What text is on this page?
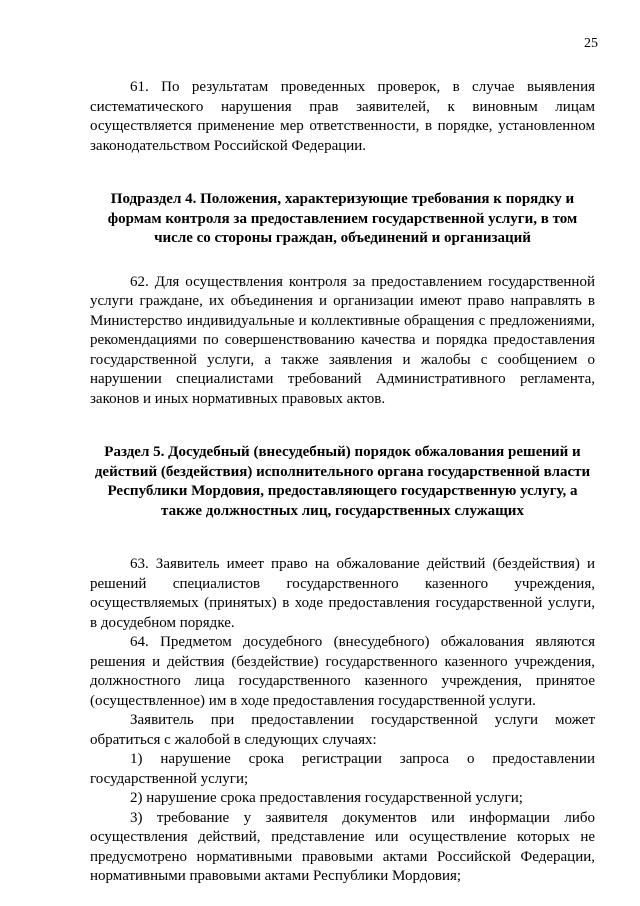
25

61. По результатам проведенных проверок, в случае выявления систематического нарушения прав заявителей, к виновным лицам осуществляется применение мер ответственности, в порядке, установленном законодательством Российской Федерации.

Подраздел 4. Положения, характеризующие требования к порядку и формам контроля за предоставлением государственной услуги, в том числе со стороны граждан, объединений и организаций

62. Для осуществления контроля за предоставлением государственной услуги граждане, их объединения и организации имеют право направлять в Министерство индивидуальные и коллективные обращения с предложениями, рекомендациями по совершенствованию качества и порядка предоставления государственной услуги, а также заявления и жалобы с сообщением о нарушении специалистами требований Административного регламента, законов и иных нормативных правовых актов.

Раздел 5. Досудебный (внесудебный) порядок обжалования решений и действий (бездействия) исполнительного органа государственной власти Республики Мордовия, предоставляющего государственную услугу, а также должностных лиц, государственных служащих

63. Заявитель имеет право на обжалование действий (бездействия) и решений специалистов государственного казенного учреждения, осуществляемых (принятых) в ходе предоставления государственной услуги, в досудебном порядке.

64. Предметом досудебного (внесудебного) обжалования являются решения и действия (бездействие) государственного казенного учреждения, должностного лица государственного казенного учреждения, принятое (осуществленное) им в ходе предоставления государственной услуги.

Заявитель при предоставлении государственной услуги может обратиться с жалобой в следующих случаях:

1) нарушение срока регистрации запроса о предоставлении государственной услуги;

2) нарушение срока предоставления государственной услуги;

3) требование у заявителя документов или информации либо осуществления действий, представление или осуществление которых не предусмотрено нормативными правовыми актами Российской Федерации, нормативными правовыми актами Республики Мордовия;
